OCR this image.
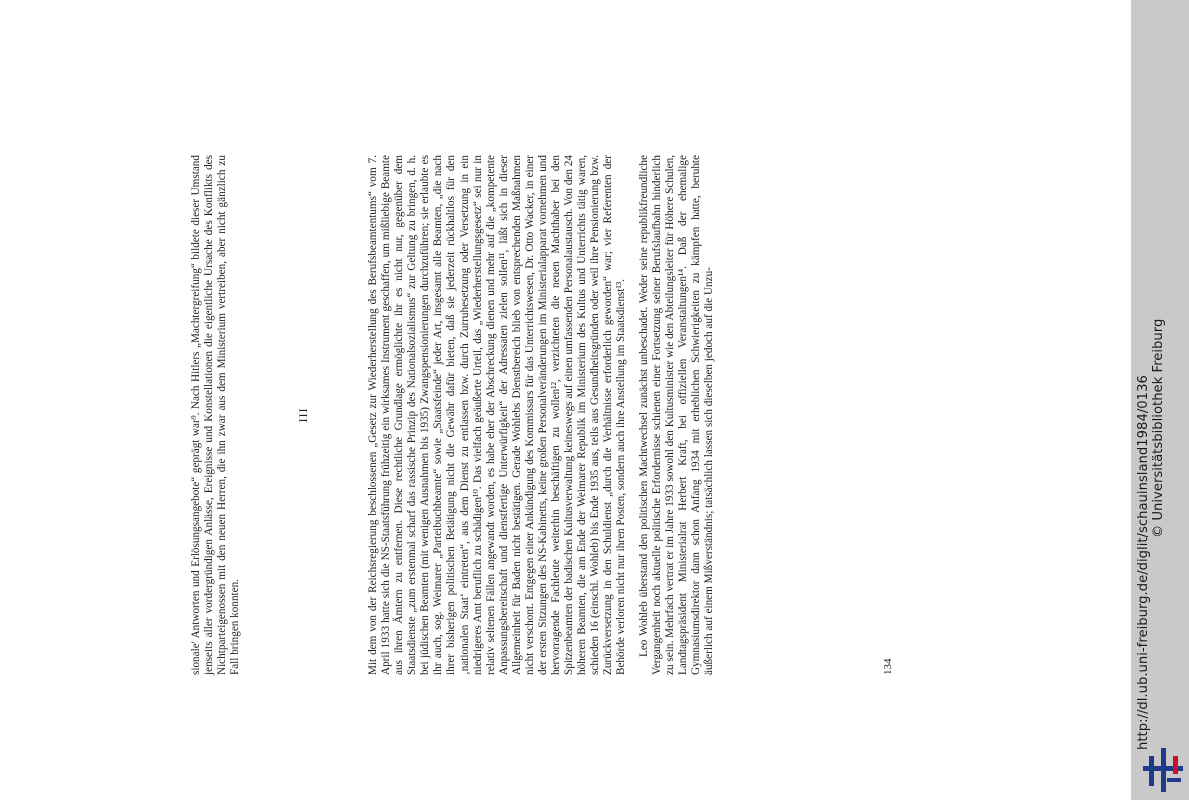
sionale' Antworten und Erlösungsangebote“ geprägt war⁹. Nach Hitlers „Machtergreifung“ bildete dieser Umstand jenseits aller vordergründigen Anlässe, Ereignisse und Konstellationen die eigentliche Ursache des Konflikts des Nichtparteigenossen mit den neuen Herren, die ihn zwar aus dem Ministerium vertreiben, aber nicht gänzlich zu Fall bringen konnten.

III	Mit dem von der Reichsregierung beschlossenen „Gesetz zur Wiederherstellung des Berufsbeamtentums“ vom 7. April 1933 hatte sich die NS-Staatsführung frühzeitig ein wirksames Instrument geschaffen, um mißliebige Beamte aus ihren Ämtern zu entfernen. Diese rechtliche Grundlage ermöglichte ihr es nicht nur, gegenüber dem Staatsdienste „zum erstenmal scharf das rassische Prinzip des Nationalsozialismus“ zur Geltung zu bringen, d. h. bei jüdischen Beamten (mit wenigen Ausnahmen bis 1935) Zwangspensionierungen durchzuführen; sie erlaubte es ihr auch, sog. Weimarer „Parteibuchbeamte“ sowie „Staatsfeinde“ jeder Art, insgesamt alle Beamten, „die nach ihrer bisherigen politischen Betätigung nicht die Gewähr dafür bieten, daß sie jederzeit rückhaltlos für den ‚nationalen Staat‘ eintreten“, aus dem Dienst zu entlassen bzw. durch Zurruhesetzung oder Versetzung in ein niedrigeres Amt beruflich zu schädigen¹⁰. Das vielfach geäußerte Urteil, das „Wiederherstellungsgesetz“ sei nur in relativ seltenen Fällen angewandt worden, es habe eher der Abschreckung dienen und mehr auf die „kompetente Anpassungsbereitschaft und dienstfertige Unterwürfigkeit“ der Adressaten zielen sollen¹¹, läßt sich in dieser Allgemeinheit für Baden nicht bestätigen. Gerade Wohlebs Dienstbereich blieb von entsprechenden Maßnahmen nicht verschont. Entgegen einer Ankündigung des Kommissars für das Unterrichtswesen, Dr. Otto Wacker, in einer der ersten Sitzungen des NS-Kabinetts, keine großen Personalveränderungen im Ministerialapparat vornehmen und hervorragende Fachleute weiterhin beschäftigen zu wollen¹², verzichteten die neuen Machthaber bei den Spitzenbeamten der badischen Kultusverwaltung keineswegs auf einen umfassenden Personalaustausch. Von den 24 höheren Beamten, die am Ende der Weimarer Republik im Ministerium des Kultus und Unterrichts tätig waren, schieden 16 (einschl. Wohleb) bis Ende 1935 aus, teils aus Gesundheitsgründen oder weil ihre Pensionierung bzw. Zurückversetzung in den Schuldienst „durch die Verhältnisse erforderlich geworden“ war; vier Referenten der Behörde verloren nicht nur ihren Posten, sondern auch ihre Anstellung im Staatsdienst¹³. Leo Wohleb überstand den politischen Machtwechsel zunächst unbeschadet. Weder seine republikfreundliche Vergangenheit noch aktuelle politische Erfordernisse schienen einer Fortsetzung seiner Berufslaufbahn hinderlich zu sein. Mehrfach vertrat er im Jahre 1933 sowohl den Kultusminister wie den Abteilungsleiter für Höhere Schulen, Landtagspräsident Ministerialrat Herbert Kraft, bei offiziellen Veranstaltungen¹⁴. Daß der ehemalige Gymnasiumsdirektor dann schon Anfang 1934 mit erheblichen Schwierigkeiten zu kämpfen hatte, beruhte äußerlich auf einem Mißverständnis; tatsächlich lassen sich dieselben jedoch auf die Unzu-	134	http://dl.ub.uni-freiburg.de/diglit/schauinsland1984/0136 © Universitätsbibliothek Freiburg
